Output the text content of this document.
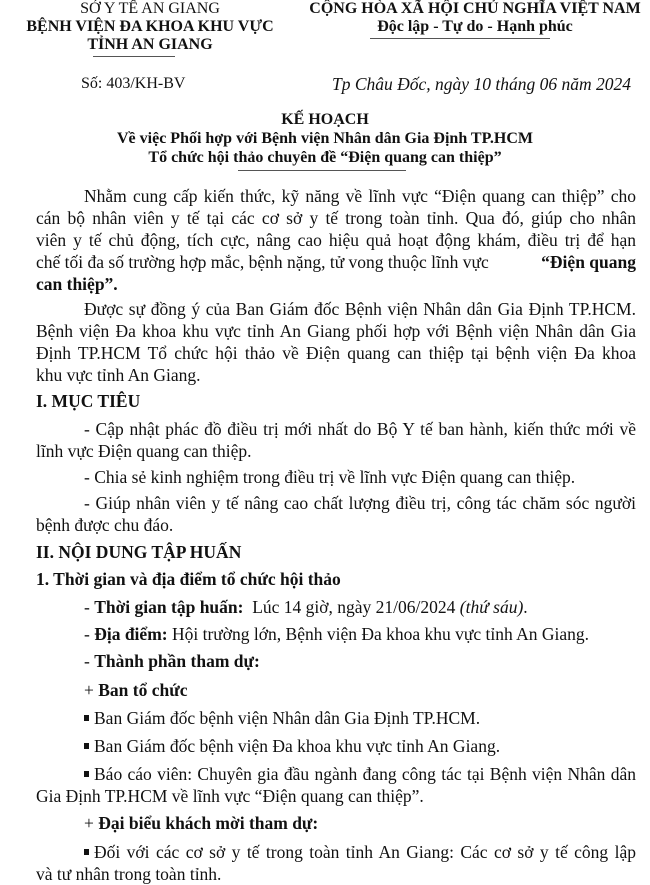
SỞ Y TẾ AN GIANG
BỆNH VIỆN ĐA KHOA KHU VỰC
TỈNH AN GIANG
Số: 403/KH-BV
CỘNG HÒA XÃ HỘI CHỦ NGHĨA VIỆT NAM
Độc lập - Tự do - Hạnh phúc
Tp Châu Đốc, ngày 10 tháng 06 năm 2024
KẾ HOẠCH
Về việc Phối hợp với Bệnh viện Nhân dân Gia Định TP.HCM
Tổ chức hội thảo chuyên đề “Điện quang can thiệp”
Nhằm cung cấp kiến thức, kỹ năng về lĩnh vực “Điện quang can thiệp” cho
cán bộ nhân viên y tế tại các cơ sở y tế trong toàn tỉnh. Qua đó, giúp cho nhân
viên y tế chủ động, tích cực, nâng cao hiệu quả hoạt động khám, điều trị để hạn
chế tối đa số trường hợp mắc, bệnh nặng, tử vong thuộc lĩnh vực	“Điện quang
can thiệp”.
Được sự đồng ý của Ban Giám đốc Bệnh viện Nhân dân Gia Định TP.HCM.
Bệnh viện Đa khoa khu vực tỉnh An Giang phối hợp với Bệnh viện Nhân dân Gia
Định TP.HCM Tổ chức hội thảo về Điện quang can thiệp tại bệnh viện Đa khoa
khu vực tỉnh An Giang.
I. MỤC TIÊU
- Cập nhật phác đồ điều trị mới nhất do Bộ Y tế ban hành, kiến thức mới về
lĩnh vực Điện quang can thiệp.
- Chia sẻ kinh nghiệm trong điều trị về lĩnh vực Điện quang can thiệp.
- Giúp nhân viên y tế nâng cao chất lượng điều trị, công tác chăm sóc người
bệnh được chu đáo.
II. NỘI DUNG TẬP HUẤN
1. Thời gian và địa điểm tổ chức hội thảo
- Thời gian tập huấn: Lúc 14 giờ, ngày 21/06/2024 (thứ sáu).
- Địa điểm: Hội trường lớn, Bệnh viện Đa khoa khu vực tỉnh An Giang.
- Thành phần tham dự:
+ Ban tổ chức
Ban Giám đốc bệnh viện Nhân dân Gia Định TP.HCM.
Ban Giám đốc bệnh viện Đa khoa khu vực tỉnh An Giang.
Báo cáo viên: Chuyên gia đầu ngành đang công tác tại Bệnh viện Nhân dân
Gia Định TP.HCM về lĩnh vực “Điện quang can thiệp”.
+ Đại biểu khách mời tham dự:
Đối với các cơ sở y tế trong toàn tỉnh An Giang: Các cơ sở y tế công lập
và tư nhân trong toàn tỉnh.
